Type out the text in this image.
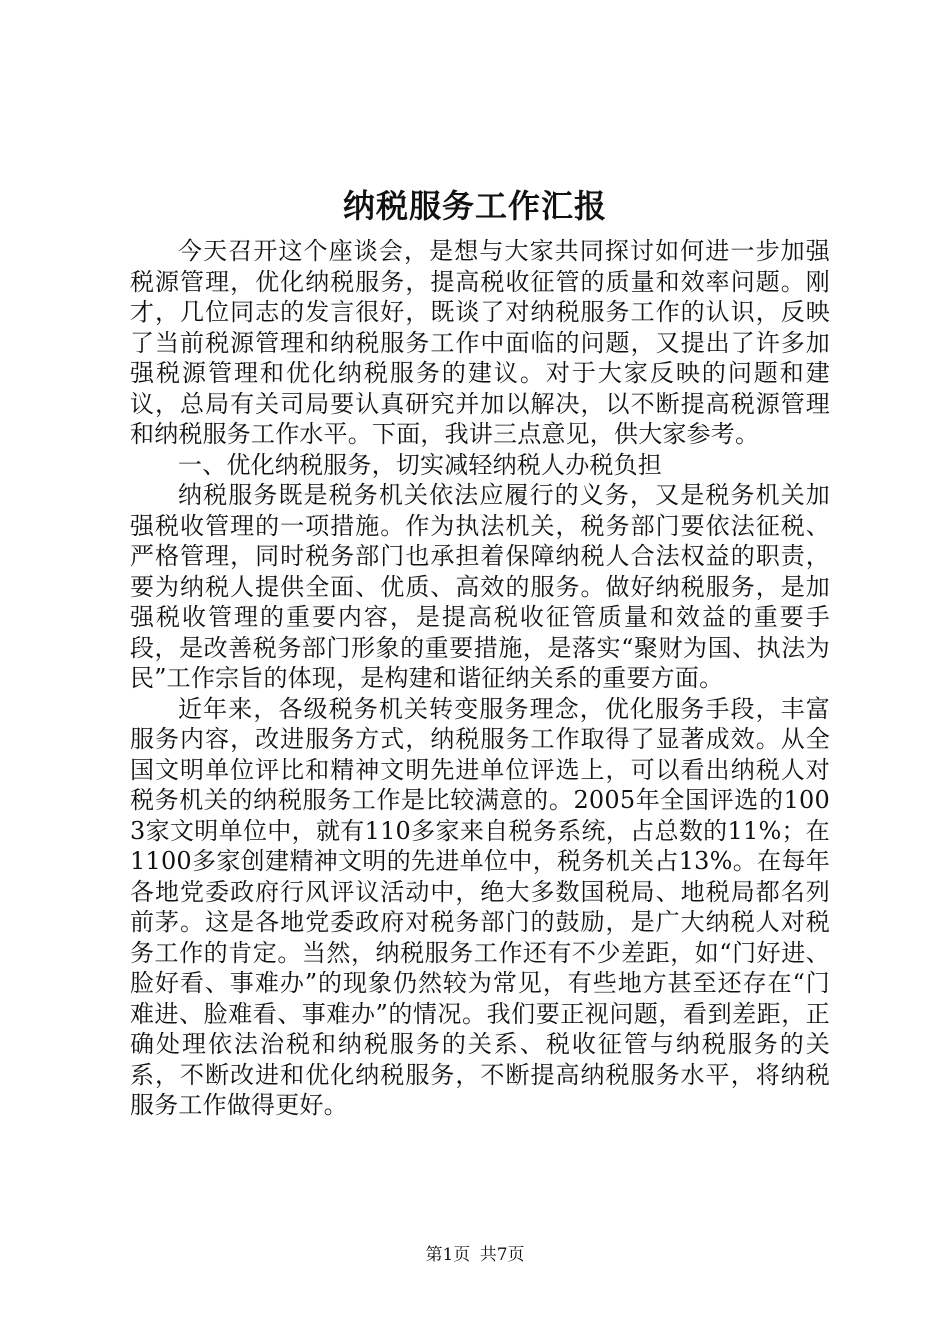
纳税服务工作汇报

今天召开这个座谈会，是想与大家共同探讨如何进一步加强税源管理，优化纳税服务，提高税收征管的质量和效率问题。刚才，几位同志的发言很好，既谈了对纳税服务工作的认识，反映了当前税源管理和纳税服务工作中面临的问题，又提出了许多加强税源管理和优化纳税服务的建议。对于大家反映的问题和建议，总局有关司局要认真研究并加以解决，以不断提高税源管理和纳税服务工作水平。下面，我讲三点意见，供大家参考。

一、优化纳税服务，切实减轻纳税人办税负担

纳税服务既是税务机关依法应履行的义务，又是税务机关加强税收管理的一项措施。作为执法机关，税务部门要依法征税、严格管理，同时税务部门也承担着保障纳税人合法权益的职责，要为纳税人提供全面、优质、高效的服务。做好纳税服务，是加强税收管理的重要内容，是提高税收征管质量和效益的重要手段，是改善税务部门形象的重要措施，是落实“聚财为国、执法为民”工作宗旨的体现，是构建和谐征纳关系的重要方面。

近年来，各级税务机关转变服务理念，优化服务手段，丰富服务内容，改进服务方式，纳税服务工作取得了显著成效。从全国文明单位评比和精神文明先进单位评选上，可以看出纳税人对税务机关的纳税服务工作是比较满意的。2005年全国评选的1003家文明单位中，就有110多家来自税务系统，占总数的11%；在1100多家创建精神文明的先进单位中，税务机关占13%。在每年各地党委政府行风评议活动中，绝大多数国税局、地税局都名列前茅。这是各地党委政府对税务部门的鼓励，是广大纳税人对税务工作的肯定。当然，纳税服务工作还有不少差距，如“门好进、脸好看、事难办”的现象仍然较为常见，有些地方甚至还存在“门难进、脸难看、事难办”的情况。我们要正视问题，看到差距，正确处理依法治税和纳税服务的关系、税收征管与纳税服务的关系，不断改进和优化纳税服务，不断提高纳税服务水平，将纳税服务工作做得更好。

第1页 共7页
